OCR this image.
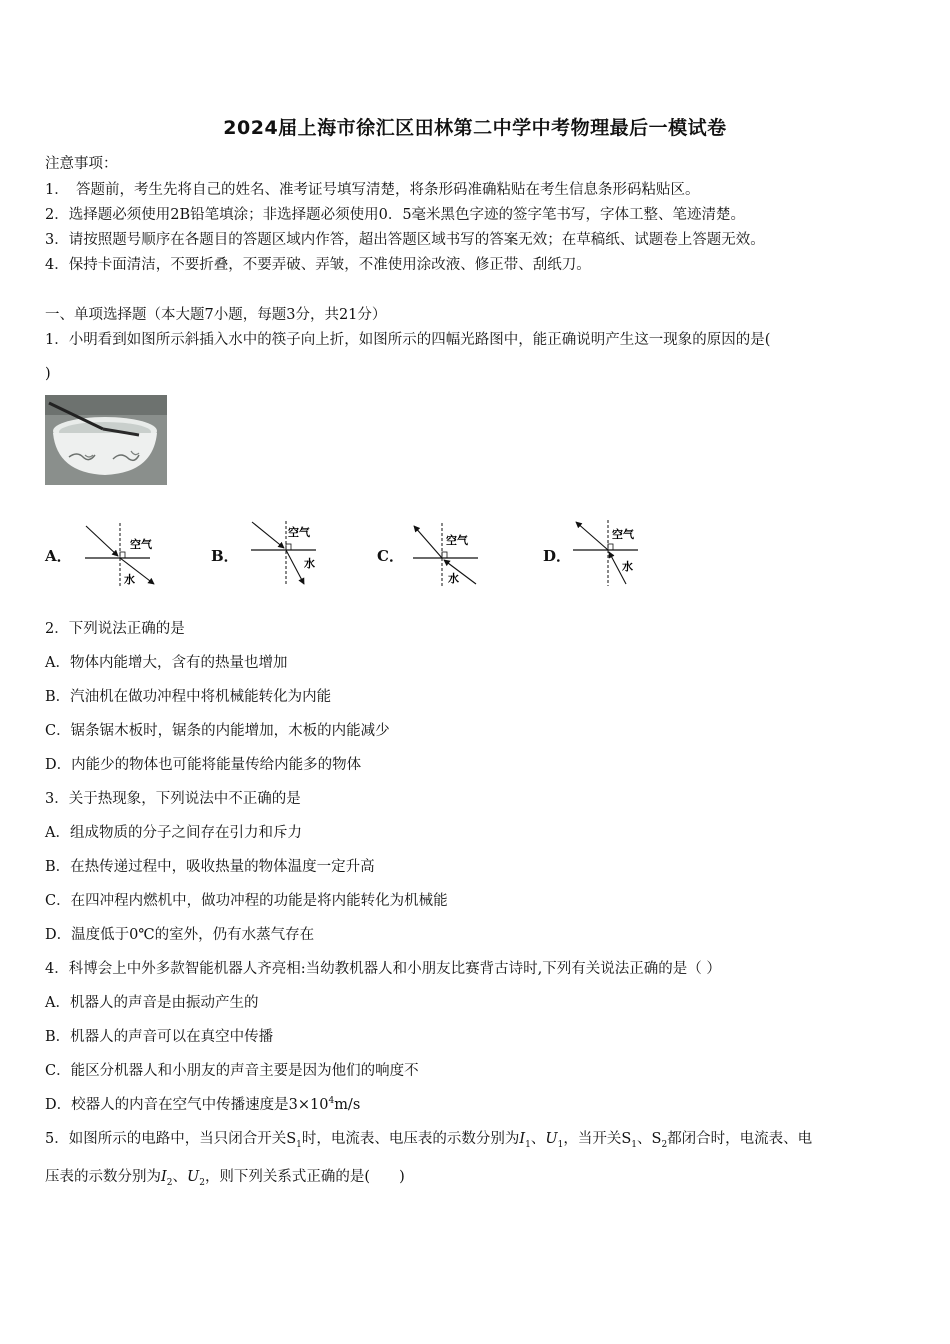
2024届上海市徐汇区田林第二中学中考物理最后一模试卷
注意事项：
1．　答题前，考生先将自己的姓名、准考证号填写清楚，将条形码准确粘贴在考生信息条形码粘贴区。
2．选择题必须使用2B铅笔填涂；非选择题必须使用0．5毫米黑色字迹的签字笔书写，字体工整、笔迹清楚。
3．请按照题号顺序在各题目的答题区域内作答，超出答题区域书写的答案无效；在草稿纸、试题卷上答题无效。
4．保持卡面清洁，不要折叠，不要弄破、弄皱，不准使用涂改液、修正带、刮纸刀。
一、单项选择题（本大题7小题，每题3分，共21分）
1．小明看到如图所示斜插入水中的筷子向上折，如图所示的四幅光路图中，能正确说明产生这一现象的原因的是(
)
A．	B．	C．	D．
空气
水
空气
水
空气
水
空气
水
2．下列说法正确的是
A．物体内能增大，含有的热量也增加
B．汽油机在做功冲程中将机械能转化为内能
C．锯条锯木板时，锯条的内能增加，木板的内能减少
D．内能少的物体也可能将能量传给内能多的物体
3．关于热现象，下列说法中不正确的是
A．组成物质的分子之间存在引力和斥力
B．在热传递过程中，吸收热量的物体温度一定升高
C．在四冲程内燃机中，做功冲程的功能是将内能转化为机械能
D．温度低于0℃的室外，仍有水蒸气存在
4．科博会上中外多款智能机器人齐亮相:当幼教机器人和小朋友比赛背古诗时,下列有关说法正确的是（ ）
A．机器人的声音是由振动产生的
B．机器人的声音可以在真空中传播
C．能区分机器人和小朋友的声音主要是因为他们的响度不
D．校器人的内音在空气中传播速度是$3\times 10^4m/s$
5．如图所示的电路中，当只闭合开关$S_1$时，电流表、电压表的示数分别为$I_1$、$U_1$，当开关$S_1$、$S_2$都闭合时，电流表、电
压表的示数分别为$I_2$、$U_2$，则下列关系式正确的是(　　)
